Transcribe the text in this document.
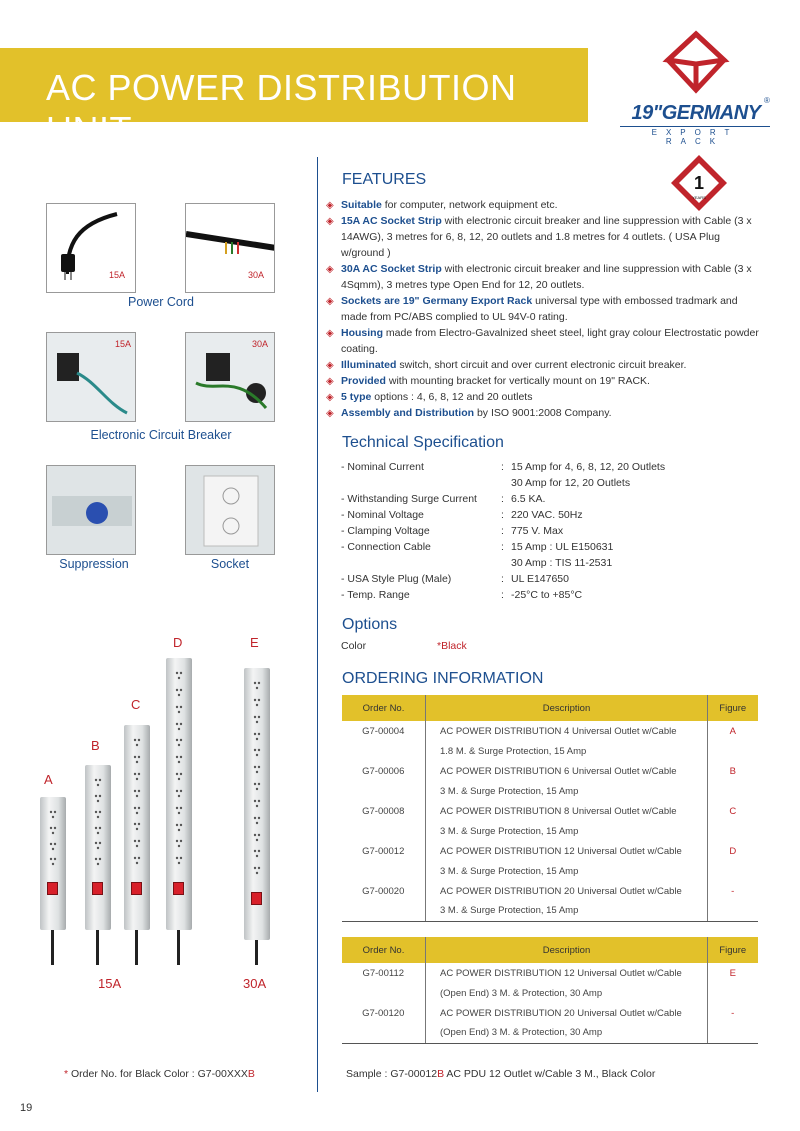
AC POWER DISTRIBUTION UNIT	19"GERMANY
®
EXPORT RACK
15A	30A
Power Cord
15A	30A
Electronic Circuit Breaker
Suppression	Socket
A
B
C
D	E
15A	30A
FEATURES	1
YEARS
◈ Suitable for computer, network equipment etc.
◈ 15A AC Socket Strip with electronic circuit breaker and line suppression with Cable (3 x 14AWG), 3 metres for 6, 8, 12, 20 outlets and 1.8 metres for 4 outlets. ( USA Plug w/ground )
◈ 30A AC Socket Strip with electronic circuit breaker and line suppression with Cable (3 x 4Sqmm), 3 metres type Open End for 12, 20 outlets.
◈ Sockets are 19" Germany Export Rack universal type with embossed tradmark and made from PC/ABS complied to UL 94V-0 rating.
◈ Housing made from Electro-Gavalnized sheet steel, light gray colour Electrostatic powder coating.
◈ Illuminated switch, short circuit and over current electronic circuit breaker.
◈ Provided with mounting bracket for vertically mount on 19" RACK.
◈ 5 type options : 4, 6, 8, 12 and 20 outlets
◈ Assembly and Distribution by ISO 9001:2008 Company.
Technical Specification
- Nominal Current	: 15 Amp for 4, 6, 8, 12, 20 Outlets
30 Amp for 12, 20 Outlets
- Withstanding Surge Current : 6.5 KA.
- Nominal Voltage	: 220 VAC. 50Hz
- Clamping Voltage	: 775 V. Max
- Connection Cable	: 15 Amp : UL E150631
30 Amp : TIS 11-2531
- USA Style Plug (Male)	: UL E147650
- Temp. Range	: -25°C to +85°C
Options
Color	*Black
ORDERING INFORMATION
Order No.	Description	Figure
G7-00004	AC POWER DISTRIBUTION 4 Universal Outlet w/Cable	A
	1.8 M. & Surge Protection, 15 Amp	
G7-00006	AC POWER DISTRIBUTION 6 Universal Outlet w/Cable	B
	3 M. & Surge Protection, 15 Amp	
G7-00008	AC POWER DISTRIBUTION 8 Universal Outlet w/Cable	C
	3 M. & Surge Protection, 15 Amp	
G7-00012	AC POWER DISTRIBUTION 12 Universal Outlet w/Cable	D
	3 M. & Surge Protection, 15 Amp	
G7-00020	AC POWER DISTRIBUTION 20 Universal Outlet w/Cable	-
	3 M. & Surge Protection, 15 Amp	
Order No.	Description	Figure
G7-00112	AC POWER DISTRIBUTION 12 Universal Outlet w/Cable	E
	(Open End) 3 M. & Protection, 30 Amp	
G7-00120	AC POWER DISTRIBUTION 20 Universal Outlet w/Cable	-
	(Open End) 3 M. & Protection, 30 Amp	
* Order No. for Black Color : G7-00XXXB	Sample : G7-00012B AC PDU 12 Outlet w/Cable 3 M., Black Color
19
